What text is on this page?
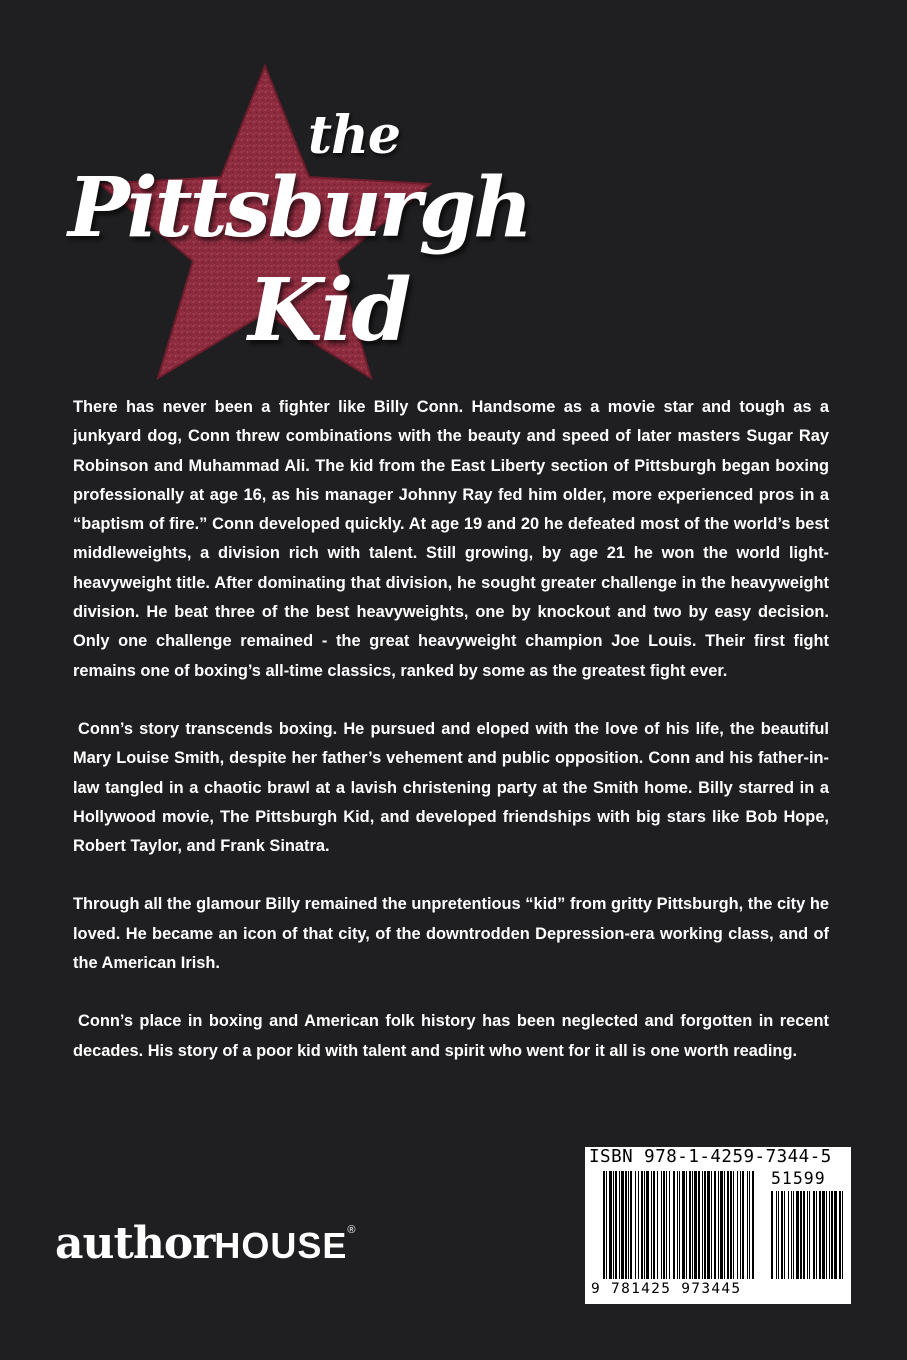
the
Pittsburgh
Kid

There has never been a fighter like Billy Conn. Handsome as a movie star and tough as a junkyard dog, Conn threw combinations with the beauty and speed of later masters Sugar Ray Robinson and Muhammad Ali. The kid from the East Liberty section of Pittsburgh began boxing professionally at age 16, as his manager Johnny Ray fed him older, more experienced pros in a “baptism of fire.” Conn developed quickly. At age 19 and 20 he defeated most of the world’s best middleweights, a division rich with talent. Still growing, by age 21 he won the world light-heavyweight title. After dominating that division, he sought greater challenge in the heavyweight division. He beat three of the best heavyweights, one by knockout and two by easy decision. Only one challenge remained - the great heavyweight champion Joe Louis. Their first fight remains one of boxing’s all-time classics, ranked by some as the greatest fight ever.

Conn’s story transcends boxing. He pursued and eloped with the love of his life, the beautiful Mary Louise Smith, despite her father’s vehement and public opposition. Conn and his father-in-law tangled in a chaotic brawl at a lavish christening party at the Smith home. Billy starred in a Hollywood movie, The Pittsburgh Kid, and developed friendships with big stars like Bob Hope, Robert Taylor, and Frank Sinatra.

Through all the glamour Billy remained the unpretentious “kid” from gritty Pittsburgh, the city he loved. He became an icon of that city, of the downtrodden Depression-era working class, and of the American Irish.

Conn’s place in boxing and American folk history has been neglected and forgotten in recent decades. His story of a poor kid with talent and spirit who went for it all is one worth reading.

authorHOUSE®
ISBN 978-1-4259-7344-5
51599
9 781425 973445
